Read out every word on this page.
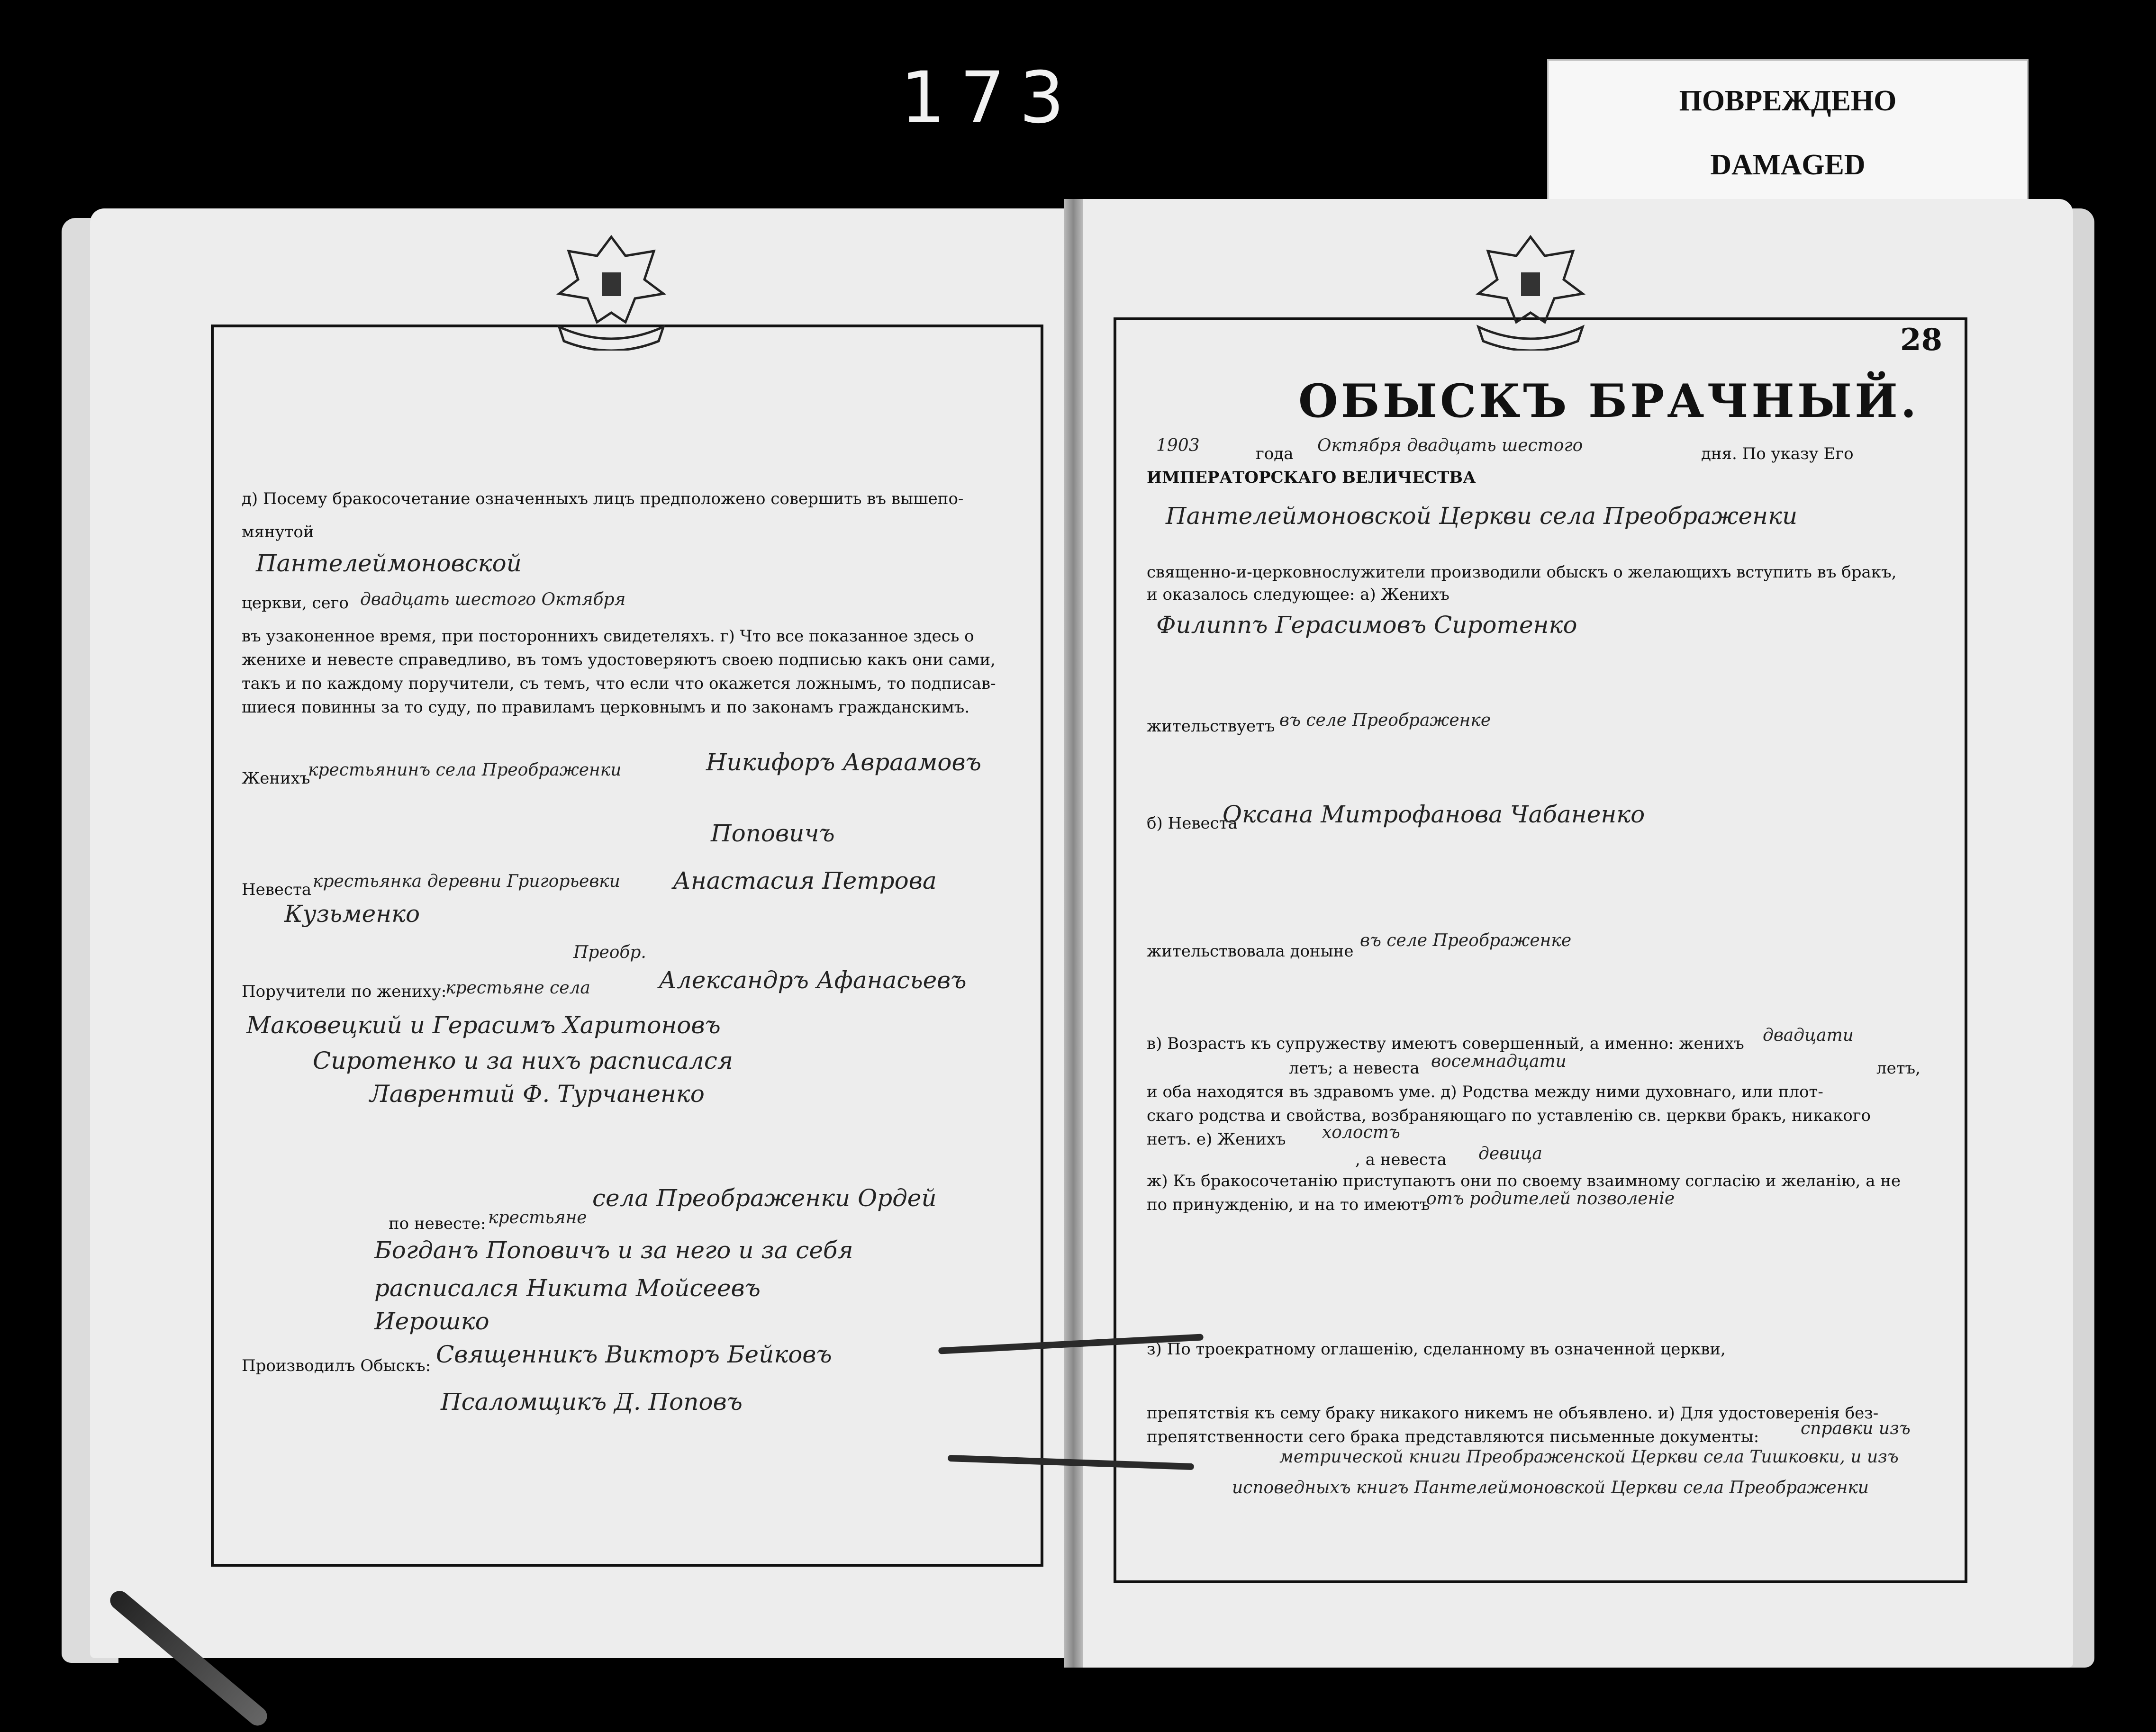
173	ПОВРЕЖДЕНО
DAMAGED
д) Посему бракосочетание означенныхъ лицъ предположено совершить въ вышепо-
мянутой
Пантелеймоновской
церкви, сего двадцать шестого Октября
въ узаконенное время, при постороннихъ свидетеляхъ. г) Что все показанное здесь о
женихе и невесте справедливо, въ томъ удостоверяютъ своею подписью какъ они сами,
такъ и по каждому поручители, съ темъ, что если что окажется ложнымъ, то подписав-
шиеся повинны за то суду, по правиламъ церковнымъ и по законамъ гражданскимъ.
Женихъ
крестьянинъ села Преображенки	Никифоръ Авраамовъ
Поповичъ
Невеста крестьянка деревни Григорьевки Анастасия Петрова
Кузьменко
Преобр.
Поручители по жениху:
крестьяне села	Александръ Афанасьевъ
Маковецкий и Герасимъ Харитоновъ
Сиротенко и за нихъ расписался
Лаврентий Ф. Турчаненко
по невесте: крестьяне
села Преображенки Ордей
Богданъ Поповичъ и за него и за себя
расписался Никита Мойсеевъ
Иерошко
Производилъ Обыскъ: Священникъ Викторъ Бейковъ
Псаломщикъ Д. Поповъ
28
ОБЫСКЪ БРАЧНЫЙ.
1903	года Октября двадцать шестого	дня. По указу Его
ИМПЕРАТОРСКАГО ВЕЛИЧЕСТВА
Пантелеймоновской Церкви села Преображенки
священно-и-церковнослужители производили обыскъ о желающихъ вступить въ бракъ,
и оказалось следующее: а) Женихъ
Филиппъ Герасимовъ Сиротенко
жительствуетъ въ селе Преображенке
б) Невеста
Оксана Митрофанова Чабаненко
жительствовала донынe
въ селе Преображенке
в) Возрастъ къ супружеству имеютъ совершенный, а именно: женихъ двадцати
летъ; а невеста восемнадцати	летъ,
и оба находятся въ здравомъ уме. д) Родства между ними духовнаго, или плот-
скаго родства и свойства, возбраняющаго по уставленiю св. церкви бракъ, никакого
нетъ. е) Женихъ холостъ
, а невеста девица
ж) Къ бракосочетанiю приступаютъ они по своему взаимному согласiю и желанiю, а не
по принужденiю, и на то имеютъ
отъ родителей позволенiе
з) По троекратному оглашенiю, сделанному въ означенной церкви,
препятствiя къ сему браку никакого никемъ не объявлено. и) Для удостоверенiя без-
препятственности сего брака представляются письменные документы: справки изъ
метрической книги Преображенской Церкви села Тишковки, и изъ
исповедныхъ книгъ Пантелеймоновской Церкви села Преображенки
